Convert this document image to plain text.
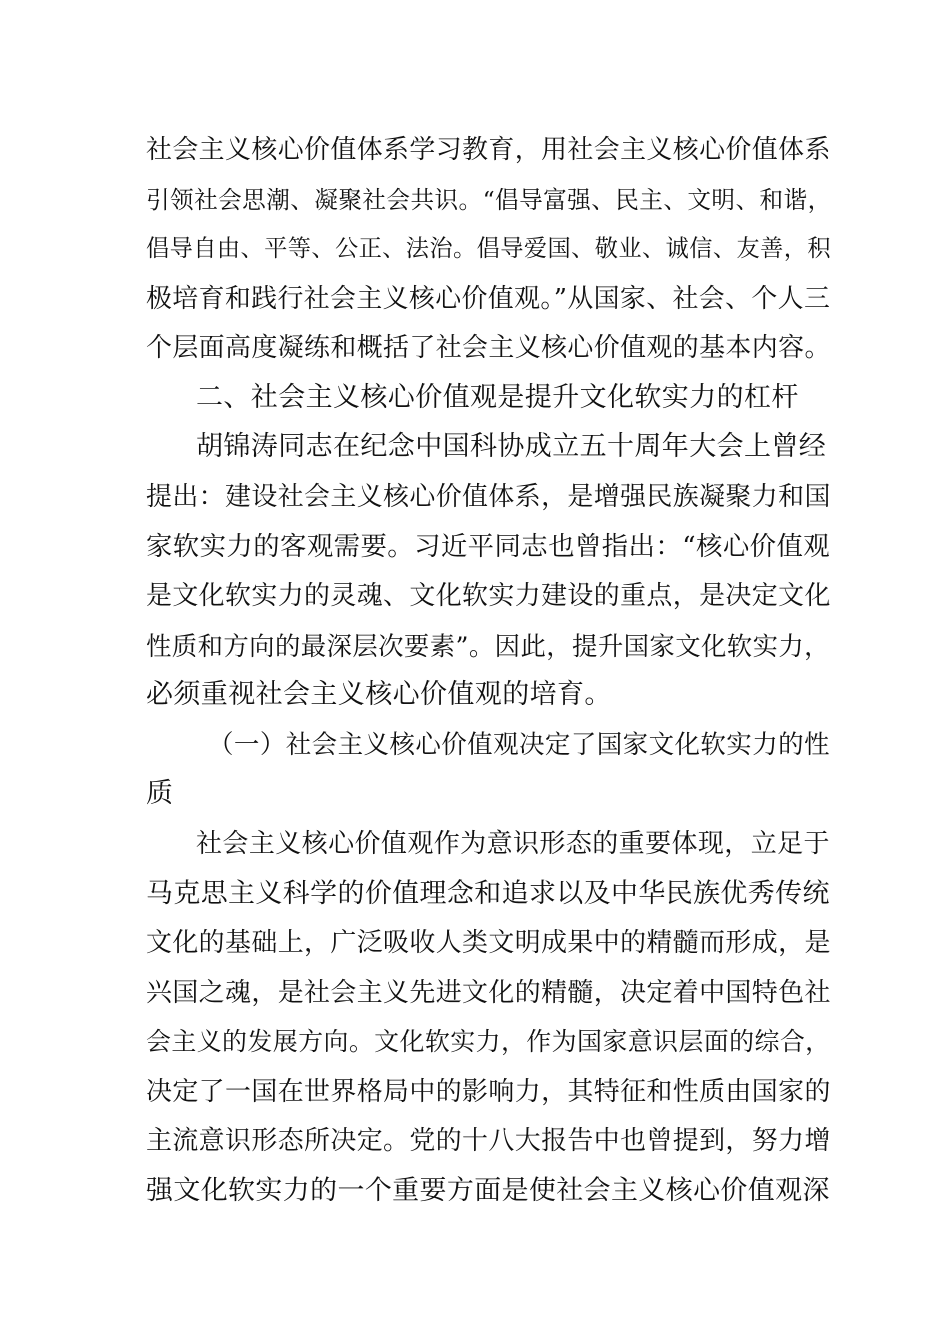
社会主义核心价值体系学习教育，用社会主义核心价值体系
引领社会思潮、凝聚社会共识。“倡导富强、民主、文明、和谐，
倡导自由、平等、公正、法治。倡导爱国、敬业、诚信、友善，积
极培育和践行社会主义核心价值观。”从国家、社会、个人三
个层面高度凝练和概括了社会主义核心价值观的基本内容。
二、社会主义核心价值观是提升文化软实力的杠杆
胡锦涛同志在纪念中国科协成立五十周年大会上曾经
提出：建设社会主义核心价值体系，是增强民族凝聚力和国
家软实力的客观需要。习近平同志也曾指出：“核心价值观
是文化软实力的灵魂、文化软实力建设的重点，是决定文化
性质和方向的最深层次要素”。因此，提升国家文化软实力，
必须重视社会主义核心价值观的培育。
（一）社会主义核心价值观决定了国家文化软实力的性
质
社会主义核心价值观作为意识形态的重要体现，立足于
马克思主义科学的价值理念和追求以及中华民族优秀传统
文化的基础上，广泛吸收人类文明成果中的精髓而形成，是
兴国之魂，是社会主义先进文化的精髓，决定着中国特色社
会主义的发展方向。文化软实力，作为国家意识层面的综合，
决定了一国在世界格局中的影响力，其特征和性质由国家的
主流意识形态所决定。党的十八大报告中也曾提到，努力增
强文化软实力的一个重要方面是使社会主义核心价值观深
